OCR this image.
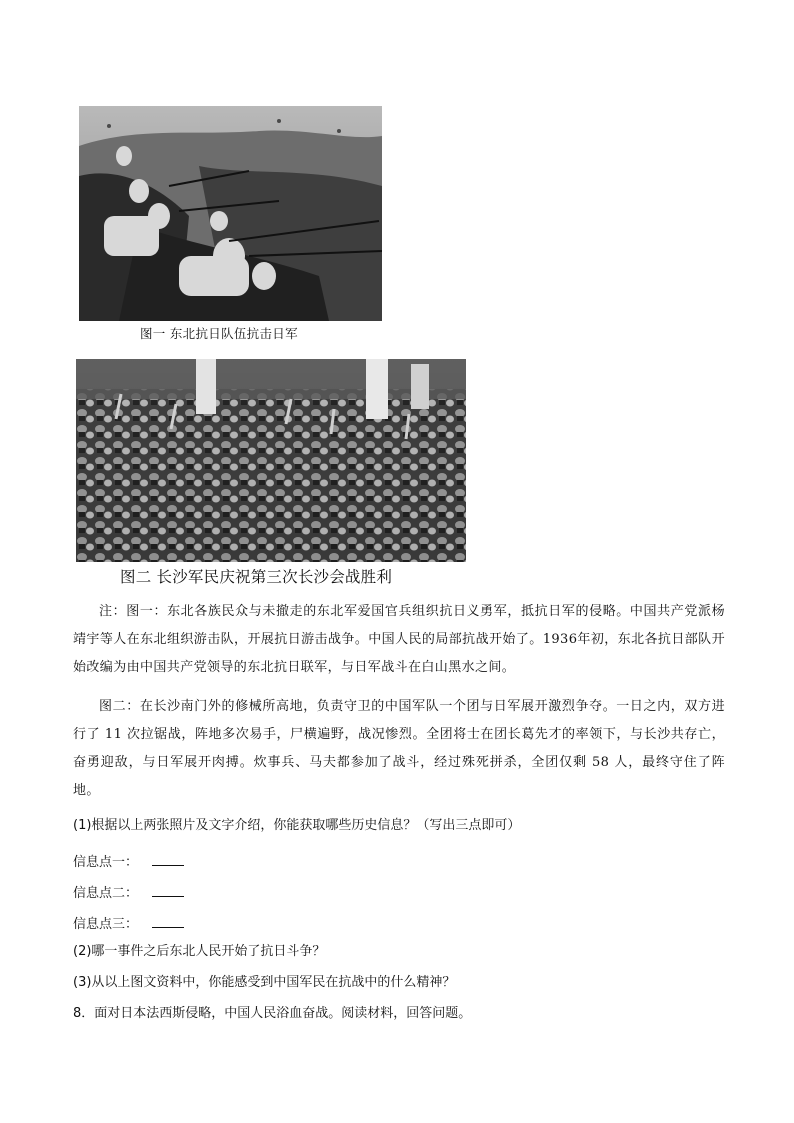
图一 东北抗日队伍抗击日军
图二 长沙军民庆祝第三次长沙会战胜利
注：图一：东北各族民众与未撤走的东北军爱国官兵组织抗日义勇军，抵抗日军的侵略。中国共产党派杨靖宇等人在东北组织游击队，开展抗日游击战争。中国人民的局部抗战开始了。1936年初，东北各抗日部队开始改编为由中国共产党领导的东北抗日联军，与日军战斗在白山黑水之间。
图二：在长沙南门外的修械所高地，负责守卫的中国军队一个团与日军展开激烈争夺。一日之内，双方进行了 11 次拉锯战，阵地多次易手，尸横遍野，战况惨烈。全团将士在团长葛先才的率领下，与长沙共存亡，奋勇迎敌，与日军展开肉搏。炊事兵、马夫都参加了战斗，经过殊死拼杀，全团仅剩 58 人，最终守住了阵地。
(1)根据以上两张照片及文字介绍，你能获取哪些历史信息？（写出三点即可）
信息点一：
信息点二：
信息点三：
(2)哪一事件之后东北人民开始了抗日斗争？
(3)从以上图文资料中，你能感受到中国军民在抗战中的什么精神？
8．面对日本法西斯侵略，中国人民浴血奋战。阅读材料，回答问题。
